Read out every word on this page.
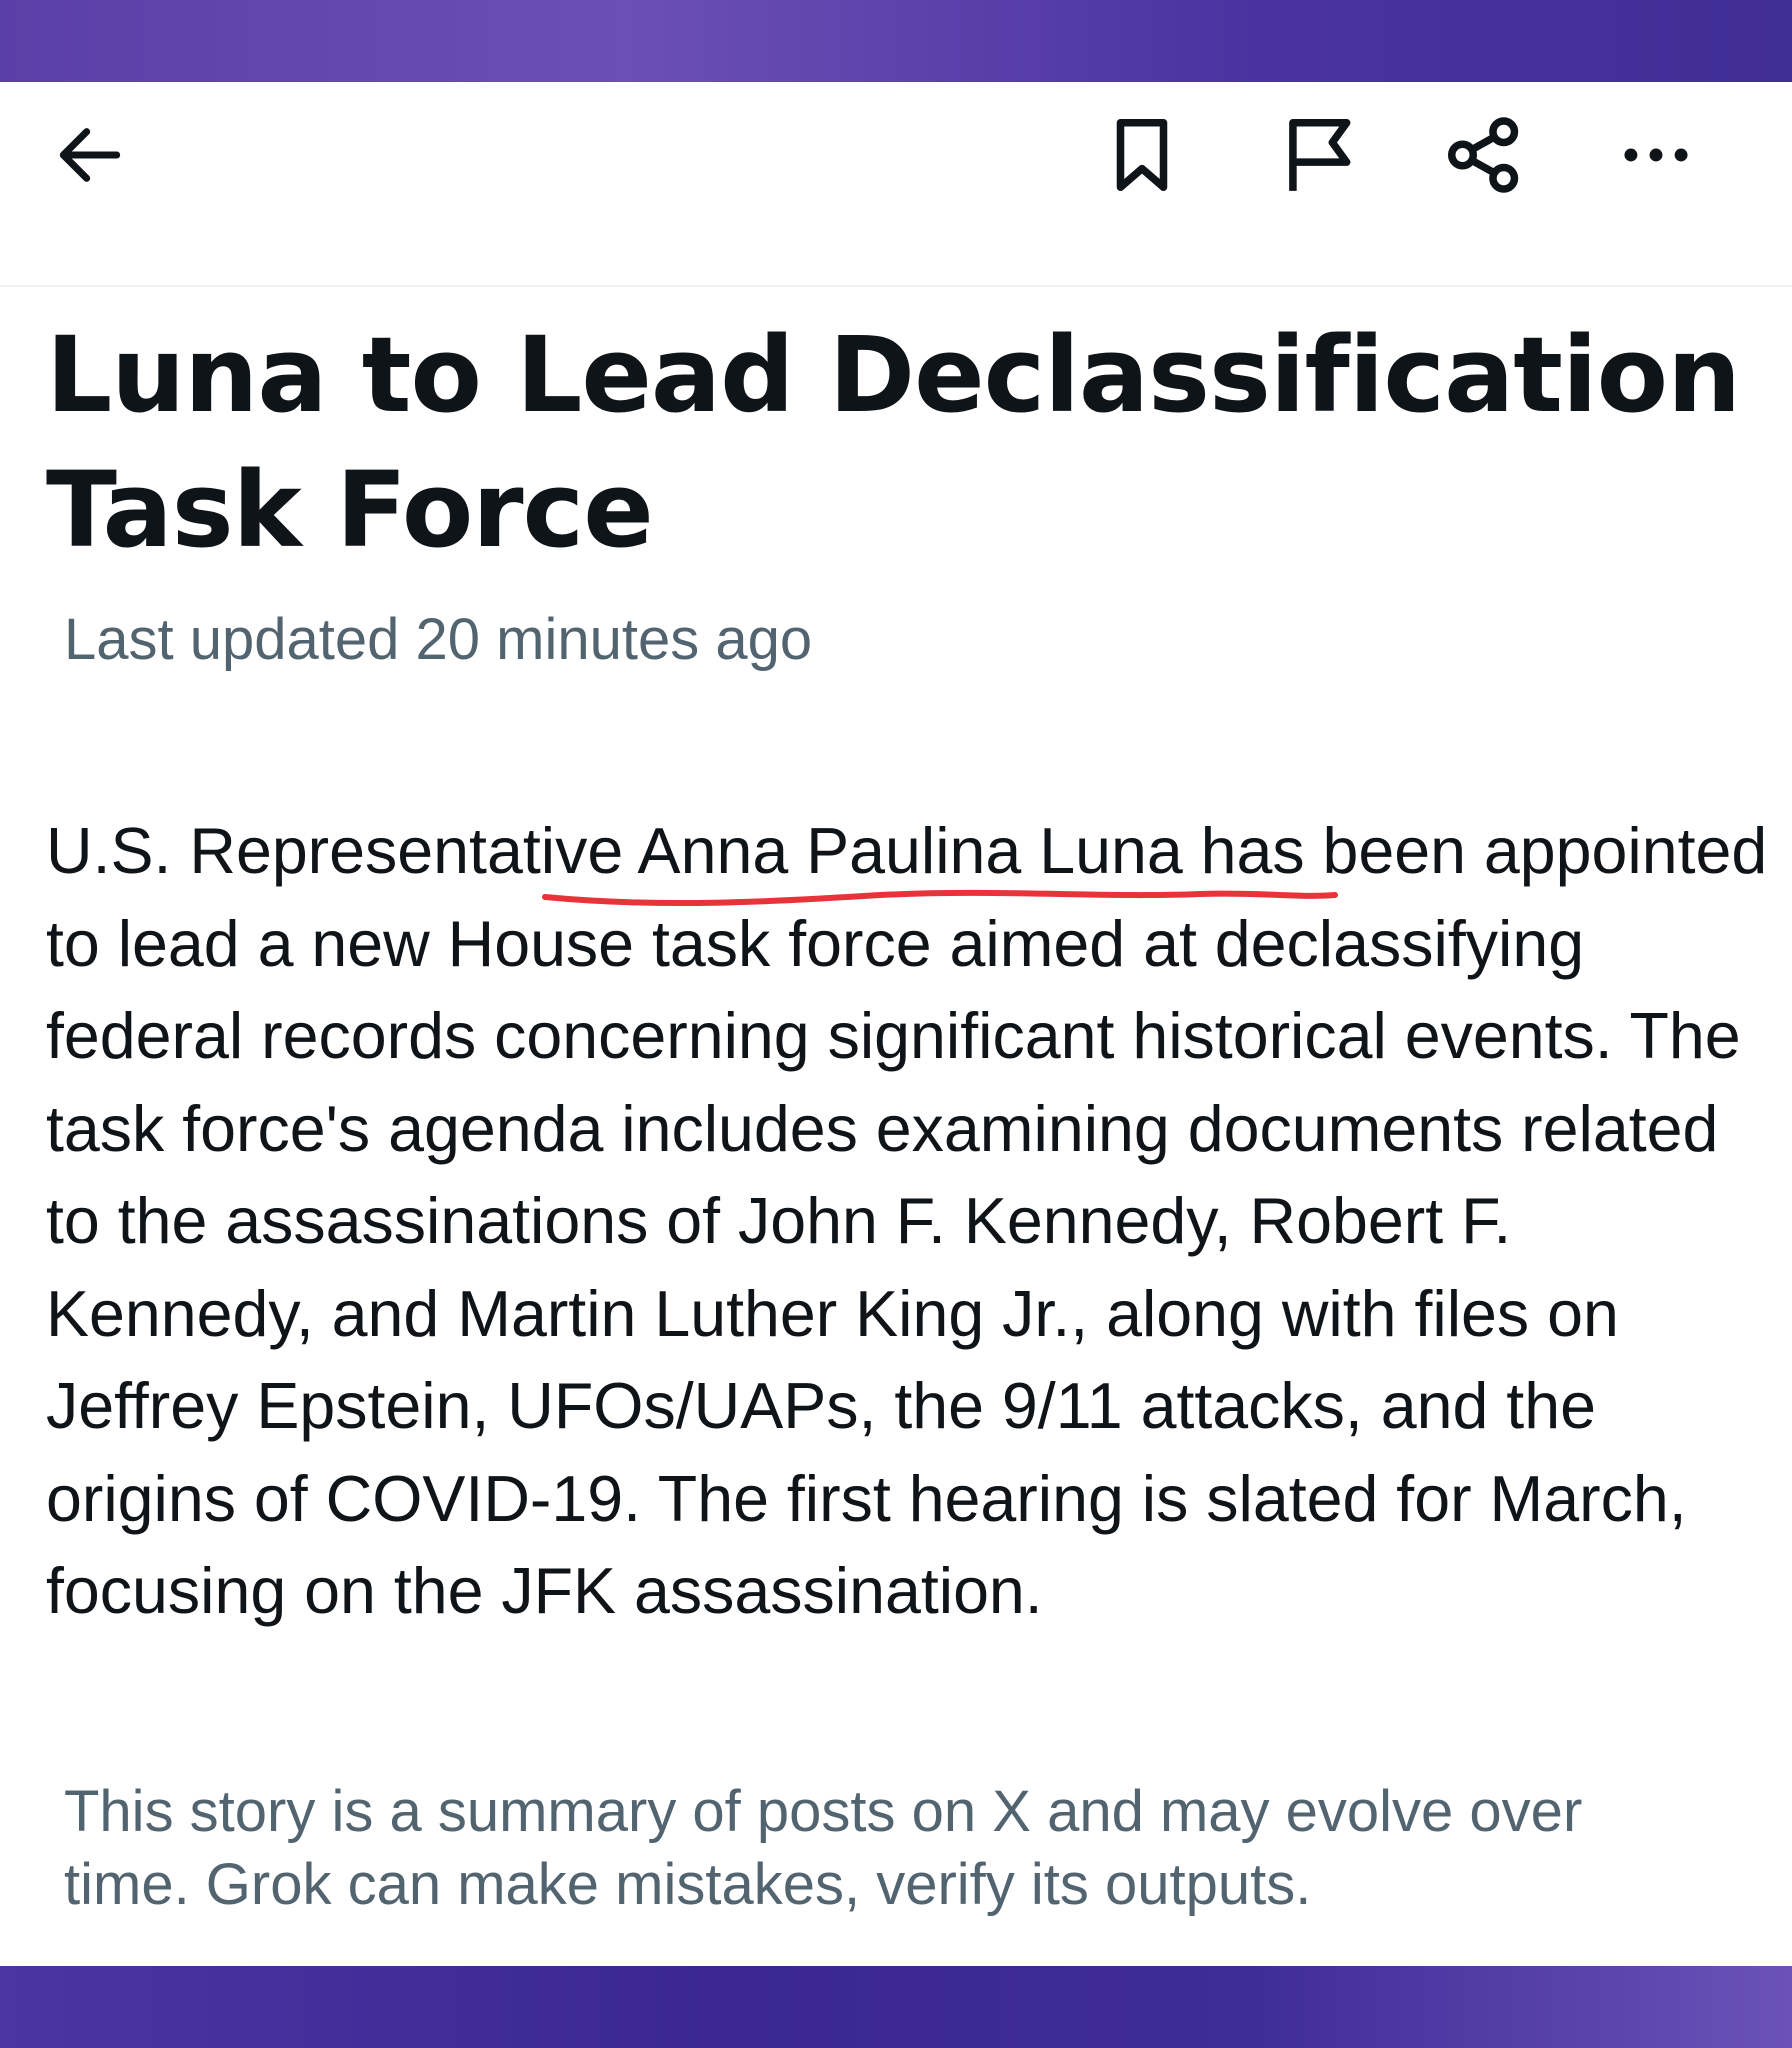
Luna to Lead Declassification Task Force
Last updated 20 minutes ago

U.S. Representative Anna Paulina Luna has been appointed to lead a new House task force aimed at declassifying federal records concerning significant historical events. The task force's agenda includes examining documents related to the assassinations of John F. Kennedy, Robert F. Kennedy, and Martin Luther King Jr., along with files on Jeffrey Epstein, UFOs/UAPs, the 9/11 attacks, and the origins of COVID-19. The first hearing is slated for March, focusing on the JFK assassination.

This story is a summary of posts on X and may evolve over time. Grok can make mistakes, verify its outputs.
